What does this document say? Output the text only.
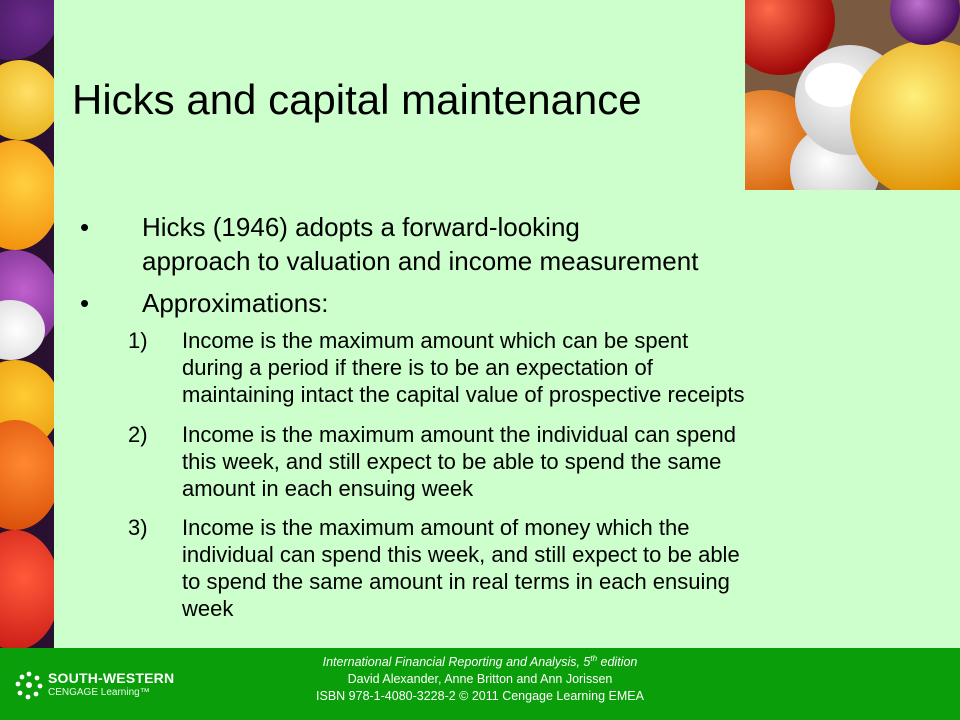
Hicks and capital maintenance
• Hicks (1946) adopts a forward-looking
approach to valuation and income measurement
• Approximations:
1) Income is the maximum amount which can be spent
during a period if there is to be an expectation of
maintaining intact the capital value of prospective receipts
2) Income is the maximum amount the individual can spend
this week, and still expect to be able to spend the same
amount in each ensuing week
3) Income is the maximum amount of money which the
individual can spend this week, and still expect to be able
to spend the same amount in real terms in each ensuing
week
SOUTH-WESTERN
CENGAGE Learning™
International Financial Reporting and Analysis, 5th edition
David Alexander, Anne Britton and Ann Jorissen
ISBN 978-1-4080-3228-2 © 2011 Cengage Learning EMEA
